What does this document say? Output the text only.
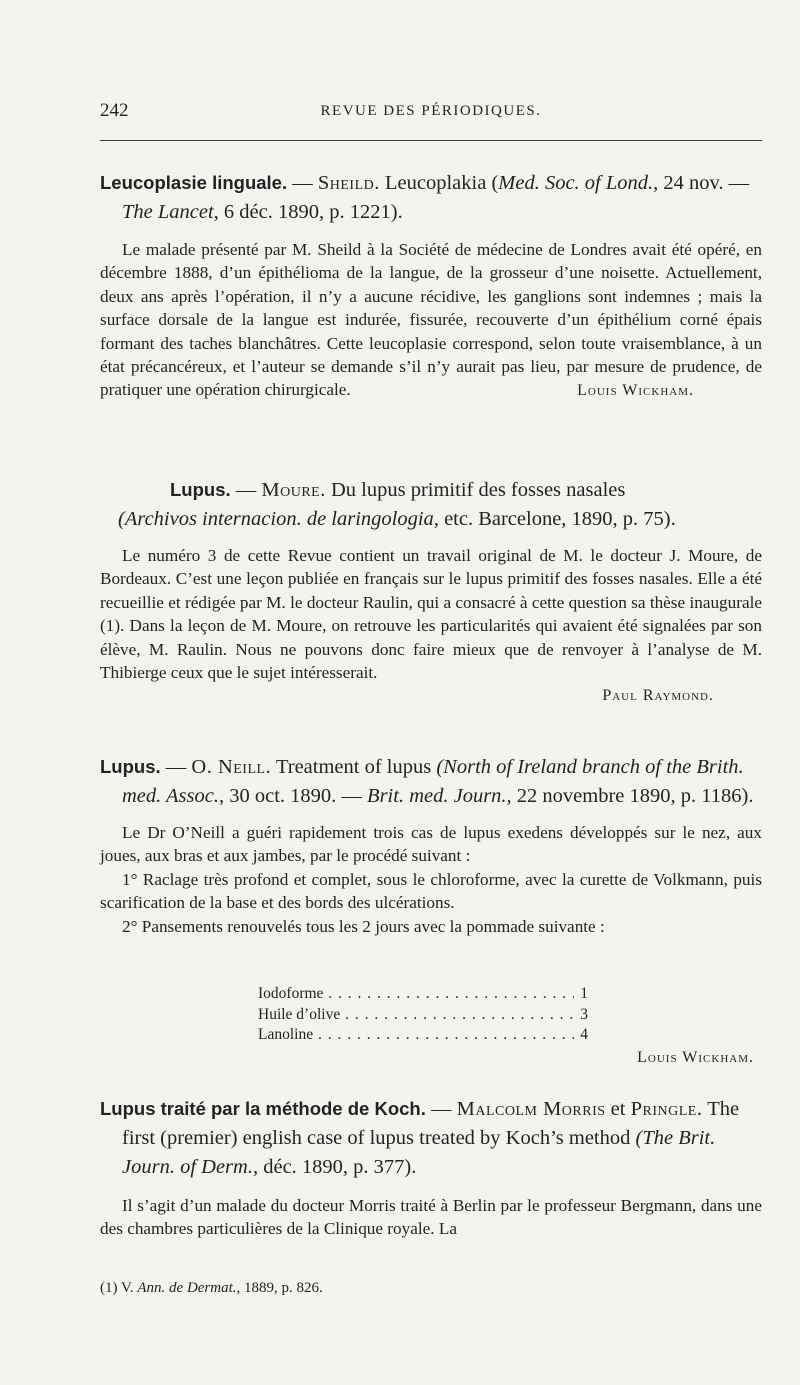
242	REVUE DES PÉRIODIQUES.

Leucoplasie linguale. — Sheild. Leucoplakia (Med. Soc. of Lond., 24 nov. — The Lancet, 6 déc. 1890, p. 1221).

Le malade présenté par M. Sheild à la Société de médecine de Londres avait été opéré, en décembre 1888, d’un épithélioma de la langue, de la grosseur d’une noisette. Actuellement, deux ans après l’opération, il n’y a aucune récidive, les ganglions sont indemnes ; mais la surface dorsale de la langue est indurée, fissurée, recouverte d’un épithélium corné épais formant des taches blanchâtres. Cette leucoplasie correspond, selon toute vraisemblance, à un état précancéreux, et l’auteur se demande s’il n’y aurait pas lieu, par mesure de prudence, de pratiquer une opération chirurgicale.	Louis Wickham.

Lupus. — Moure. Du lupus primitif des fosses nasales

(Archivos internacion. de laringologia, etc. Barcelone, 1890, p. 75).

Le numéro 3 de cette Revue contient un travail original de M. le docteur J. Moure, de Bordeaux. C’est une leçon publiée en français sur le lupus primitif des fosses nasales. Elle a été recueillie et rédigée par M. le docteur Raulin, qui a consacré à cette question sa thèse inaugurale (1). Dans la leçon de M. Moure, on retrouve les particularités qui avaient été signalées par son élève, M. Raulin. Nous ne pouvons donc faire mieux que de renvoyer à l’analyse de M. Thibierge ceux que le sujet intéresserait.

Paul Raymond.

Lupus. — O. Neill. Treatment of lupus (North of Ireland branch of the Brith. med. Assoc., 30 oct. 1890. — Brit. med. Journ., 22 novembre 1890, p. 1186).

Le Dr O’Neill a guéri rapidement trois cas de lupus exedens développés sur le nez, aux joues, aux bras et aux jambes, par le procédé suivant :

1° Raclage très profond et complet, sous le chloroforme, avec la curette de Volkmann, puis scarification de la base et des bords des ulcérations.

2° Pansements renouvelés tous les 2 jours avec la pommade suivante :

Iodoforme . . .	1
Huile d’olive . . .	3
Lanoline . . .	4

Louis Wickham.

Lupus traité par la méthode de Koch. — Malcolm Morris et Pringle. The first (premier) english case of lupus treated by Koch’s method (The Brit. Journ. of Derm., déc. 1890, p. 377).

Il s’agit d’un malade du docteur Morris traité à Berlin par le professeur Bergmann, dans une des chambres particulières de la Clinique royale. La

(1) V. Ann. de Dermat., 1889, p. 826.
